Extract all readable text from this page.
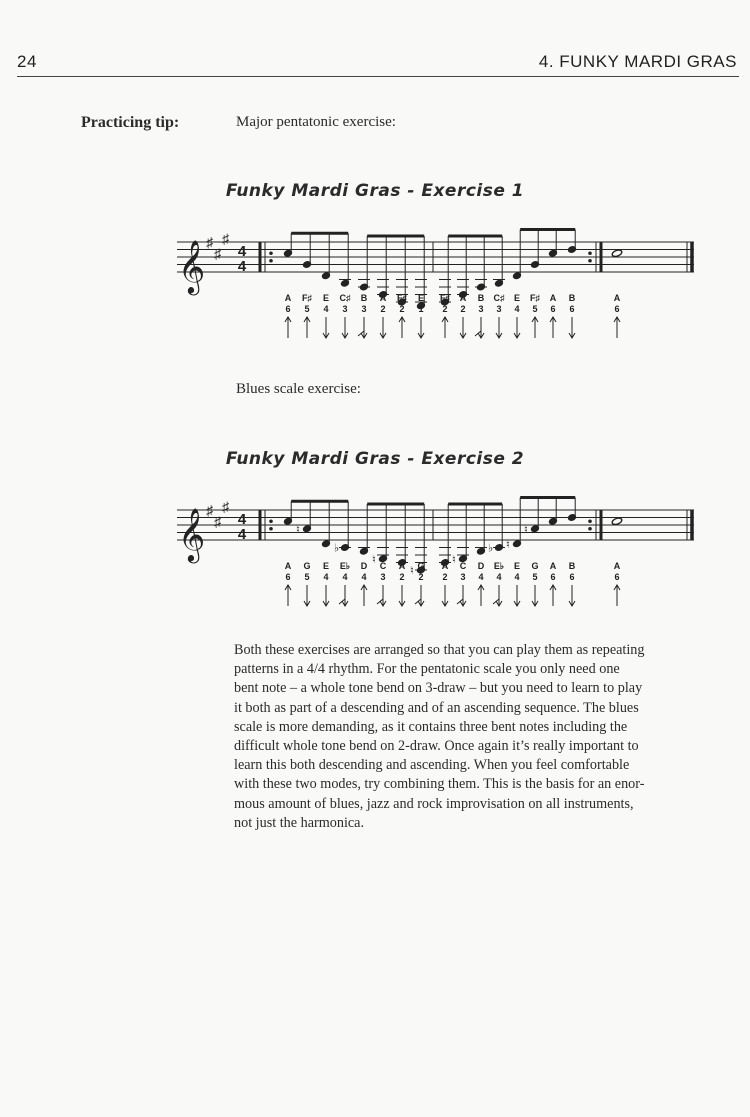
24	4. FUNKY MARDI GRAS
Practicing tip:	Major pentatonic exercise:
Funky Mardi Gras - Exercise 1
𝄞 ♯
♯
♯
4
4
A
6
F♯
5
E
4
C♯
3
B
3
A
2
F♯
2
E
1
F♯
2
A
2
B
3
C♯
3
E
4
F♯
5
A
6
B
6
A
6
Blues scale exercise:
Funky Mardi Gras - Exercise 2
𝄞 ♯
♯
♯
4
4
A
6
♮
G
5
E
4
♭
E♭
4
D
4
♮
C
3
A
2 ♮ G
2
A
2
♮
C
3
D
4
♭
E♭
4
♮
E
4
♮
G
5
A
6
B
6
A
6
Both these exercises are arranged so that you can play them as repeating
patterns in a 4/4 rhythm. For the pentatonic scale you only need one
bent note – a whole tone bend on 3-draw – but you need to learn to play
it both as part of a descending and of an ascending sequence. The blues
scale is more demanding, as it contains three bent notes including the
difficult whole tone bend on 2-draw. Once again it’s really important to
learn this both descending and ascending. When you feel comfortable
with these two modes, try combining them. This is the basis for an enor-
mous amount of blues, jazz and rock improvisation on all instruments,
not just the harmonica.
